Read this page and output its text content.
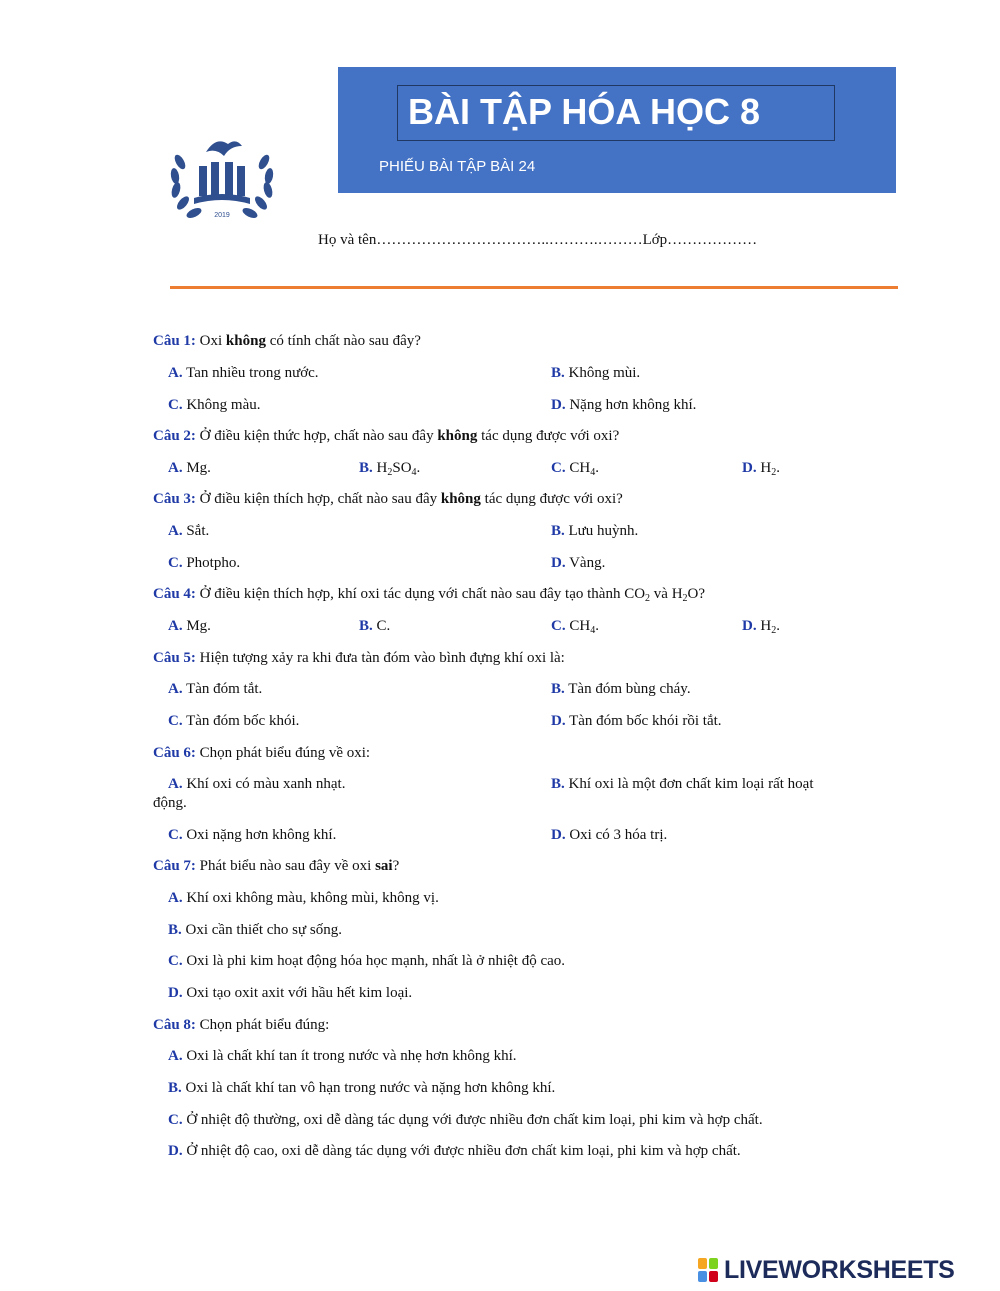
2019
BÀI TẬP HÓA HỌC 8
PHIẾU BÀI TẬP BÀI 24
Họ và tên……………………………..……….………Lớp………………
Câu 1: Oxi không có tính chất nào sau đây?
A. Tan nhiều trong nước.	B. Không mùi.
C. Không màu.	D. Nặng hơn không khí.
Câu 2: Ở điều kiện thức hợp, chất nào sau đây không tác dụng được với oxi?
A. Mg.	B. $H_2SO_4$.	C. $CH_4$.	D. $H_2$.
Câu 3: Ở điều kiện thích hợp, chất nào sau đây không tác dụng được với oxi?
A. Sắt.	B. Lưu huỳnh.
C. Photpho.	D. Vàng.
Câu 4: Ở điều kiện thích hợp, khí oxi tác dụng với chất nào sau đây tạo thành $CO_2$ và $H_2O$?
A. Mg.	B. C.	C. $CH_4$.	D. $H_2$.
Câu 5: Hiện tượng xảy ra khi đưa tàn đóm vào bình đựng khí oxi là:
A. Tàn đóm tắt.	B. Tàn đóm bùng cháy.
C. Tàn đóm bốc khói.	D. Tàn đóm bốc khói rồi tắt.
Câu 6: Chọn phát biểu đúng về oxi:
A. Khí oxi có màu xanh nhạt.	B. Khí oxi là một đơn chất kim loại rất hoạt
động.
C. Oxi nặng hơn không khí.	D. Oxi có 3 hóa trị.
Câu 7: Phát biểu nào sau đây về oxi sai?
A. Khí oxi không màu, không mùi, không vị.
B. Oxi cần thiết cho sự sống.
C. Oxi là phi kim hoạt động hóa học mạnh, nhất là ở nhiệt độ cao.
D. Oxi tạo oxit axit với hầu hết kim loại.
Câu 8: Chọn phát biểu đúng:
A. Oxi là chất khí tan ít trong nước và nhẹ hơn không khí.
B. Oxi là chất khí tan vô hạn trong nước và nặng hơn không khí.
C. Ở nhiệt độ thường, oxi dễ dàng tác dụng với được nhiều đơn chất kim loại, phi kim và hợp chất.
D. Ở nhiệt độ cao, oxi dễ dàng tác dụng với được nhiều đơn chất kim loại, phi kim và hợp chất.
LIVEWORKSHEETS
